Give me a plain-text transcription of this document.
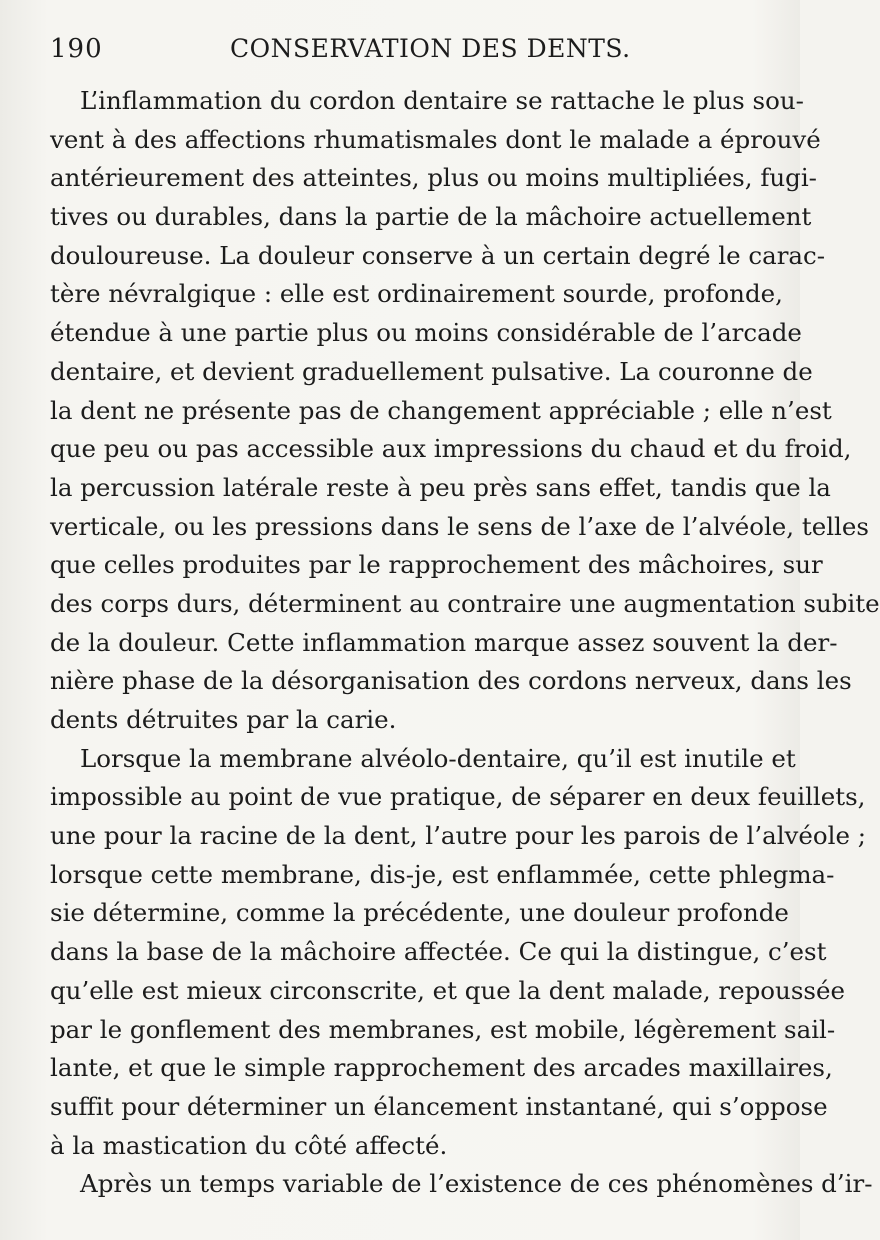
190	CONSERVATION DES DENTS.
L’inflammation du cordon dentaire se rattache le plus sou-
vent à des affections rhumatismales dont le malade a éprouvé
antérieurement des atteintes, plus ou moins multipliées, fugi-
tives ou durables, dans la partie de la mâchoire actuellement
douloureuse. La douleur conserve à un certain degré le carac-
tère névralgique : elle est ordinairement sourde, profonde,
étendue à une partie plus ou moins considérable de l’arcade
dentaire, et devient graduellement pulsative. La couronne de
la dent ne présente pas de changement appréciable ; elle n’est
que peu ou pas accessible aux impressions du chaud et du froid,
la percussion latérale reste à peu près sans effet, tandis que la
verticale, ou les pressions dans le sens de l’axe de l’alvéole, telles
que celles produites par le rapprochement des mâchoires, sur
des corps durs, déterminent au contraire une augmentation subite
de la douleur. Cette inflammation marque assez souvent la der-
nière phase de la désorganisation des cordons nerveux, dans les
dents détruites par la carie.
Lorsque la membrane alvéolo-dentaire, qu’il est inutile et
impossible au point de vue pratique, de séparer en deux feuillets,
une pour la racine de la dent, l’autre pour les parois de l’alvéole ;
lorsque cette membrane, dis-je, est enflammée, cette phlegma-
sie détermine, comme la précédente, une douleur profonde
dans la base de la mâchoire affectée. Ce qui la distingue, c’est
qu’elle est mieux circonscrite, et que la dent malade, repoussée
par le gonflement des membranes, est mobile, légèrement sail-
lante, et que le simple rapprochement des arcades maxillaires,
suffit pour déterminer un élancement instantané, qui s’oppose
à la mastication du côté affecté.
Après un temps variable de l’existence de ces phénomènes d’ir-
